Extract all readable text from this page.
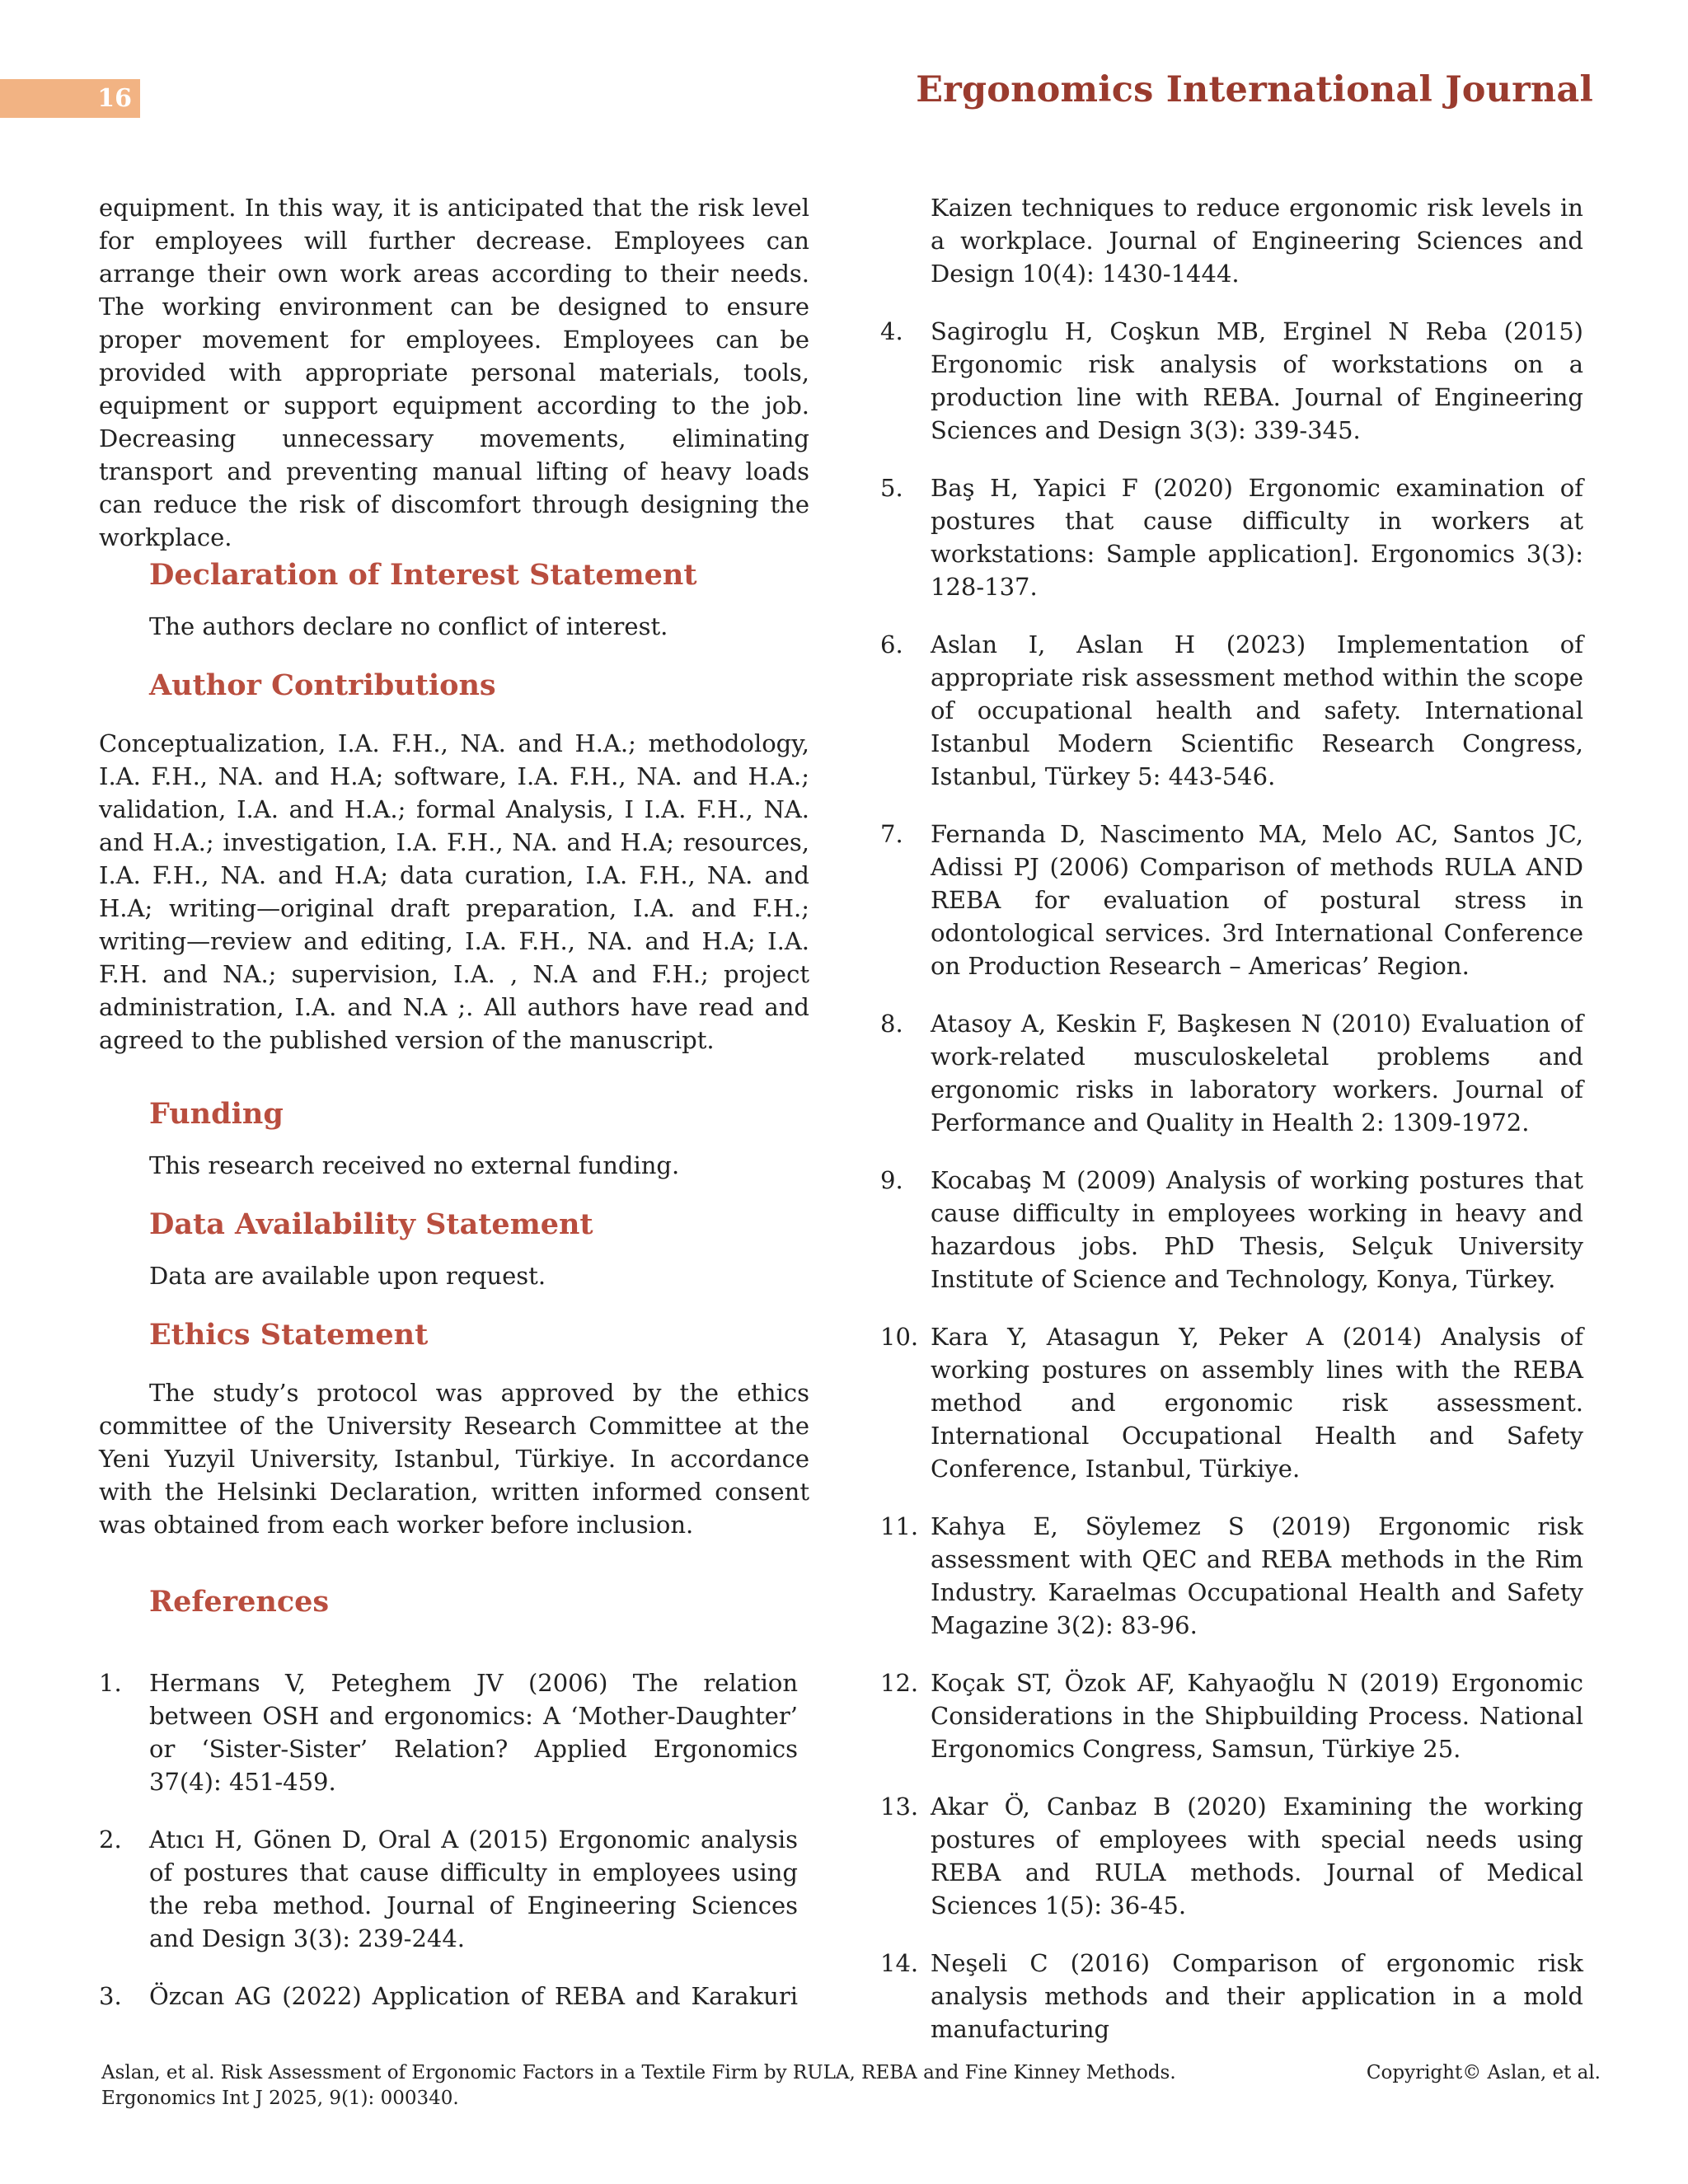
16	Ergonomics International Journal

equipment. In this way, it is anticipated that the risk level for employees will further decrease. Employees can arrange their own work areas according to their needs. The working environment can be designed to ensure proper movement for employees. Employees can be provided with appropriate personal materials, tools, equipment or support equipment according to the job. Decreasing unnecessary movements, eliminating transport and preventing manual lifting of heavy loads can reduce the risk of discomfort through designing the workplace.

Declaration of Interest Statement

The authors declare no conflict of interest.

Author Contributions

Conceptualization, I.A. F.H., NA. and H.A.; methodology, I.A. F.H., NA. and H.A; software, I.A. F.H., NA. and H.A.; validation, I.A. and H.A.; formal Analysis, I I.A. F.H., NA. and H.A.; investigation, I.A. F.H., NA. and H.A; resources, I.A. F.H., NA. and H.A; data curation, I.A. F.H., NA. and H.A; writing—original draft preparation, I.A. and F.H.; writing—review and editing, I.A. F.H., NA. and H.A; I.A. F.H. and NA.; supervision, I.A. , N.A and F.H.; project administration, I.A. and N.A ;. All authors have read and agreed to the published version of the manuscript.

Funding

This research received no external funding.

Data Availability Statement

Data are available upon request.

Ethics Statement

The study’s protocol was approved by the ethics committee of the University Research Committee at the Yeni Yuzyil University, Istanbul, Türkiye. In accordance with the Helsinki Declaration, written informed consent was obtained from each worker before inclusion.

References
1.	Hermans V, Peteghem JV (2006) The relation between OSH and ergonomics: A ‘Mother-Daughter’ or ‘Sister-Sister’ Relation? Applied Ergonomics 37(4): 451-459.
2.	Atıcı H, Gönen D, Oral A (2015) Ergonomic analysis of postures that cause difficulty in employees using the reba method. Journal of Engineering Sciences and Design 3(3): 239-244.
3.	Özcan AG (2022) Application of REBA and Karakuri

Kaizen techniques to reduce ergonomic risk levels in a workplace. Journal of Engineering Sciences and Design 10(4): 1430-1444.

4.	Sagiroglu H, Coşkun MB, Erginel N Reba (2015) Ergonomic risk analysis of workstations on a production line with REBA. Journal of Engineering Sciences and Design 3(3): 339-345.
5.	Baş H, Yapici F (2020) Ergonomic examination of postures that cause difficulty in workers at workstations: Sample application]. Ergonomics 3(3): 128-137.
6.	Aslan I, Aslan H (2023) Implementation of appropriate risk assessment method within the scope of occupational health and safety. International Istanbul Modern Scientific Research Congress, Istanbul, Türkey 5: 443-546.
7.	Fernanda D, Nascimento MA, Melo AC, Santos JC, Adissi PJ (2006) Comparison of methods RULA AND REBA for evaluation of postural stress in odontological services. 3rd International Conference on Production Research – Americas’ Region.
8.	Atasoy A, Keskin F, Başkesen N (2010) Evaluation of work-related musculoskeletal problems and ergonomic risks in laboratory workers. Journal of Performance and Quality in Health 2: 1309-1972.
9.	Kocabaş M (2009) Analysis of working postures that cause difficulty in employees working in heavy and hazardous jobs. PhD Thesis, Selçuk University Institute of Science and Technology, Konya, Türkey.
10. Kara Y, Atasagun Y, Peker A (2014) Analysis of working postures on assembly lines with the REBA method and ergonomic risk assessment. International Occupational Health and Safety Conference, Istanbul, Türkiye.
11. Kahya E, Söylemez S (2019) Ergonomic risk assessment with QEC and REBA methods in the Rim Industry. Karaelmas Occupational Health and Safety Magazine 3(2): 83-96.
12. Koçak ST, Özok AF, Kahyaoğlu N (2019) Ergonomic Considerations in the Shipbuilding Process. National Ergonomics Congress, Samsun, Türkiye 25.
13. Akar Ö, Canbaz B (2020) Examining the working postures of employees with special needs using REBA and RULA methods. Journal of Medical Sciences 1(5): 36-45.
14. Neşeli C (2016) Comparison of ergonomic risk analysis methods and their application in a mold manufacturing
Aslan, et al. Risk Assessment of Ergonomic Factors in a Textile Firm by RULA, REBA and Fine Kinney Methods.
Ergonomics Int J 2025, 9(1): 000340.
Copyright© Aslan, et al.
